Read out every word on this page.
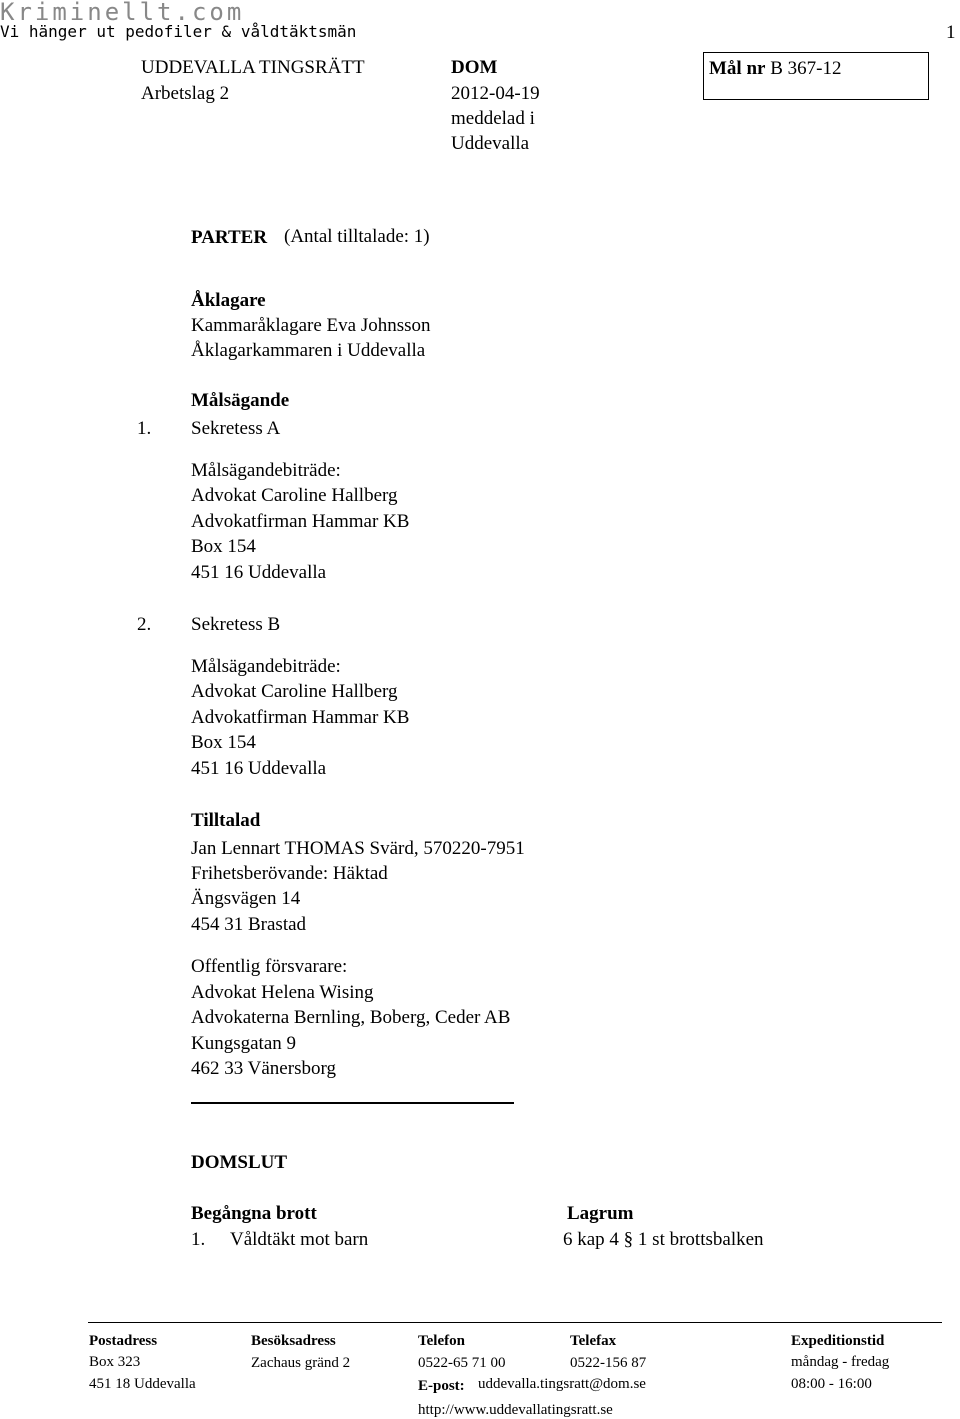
Kriminellt.com
Vi hänger ut pedofiler & våldtäktsmän	1
UDDEVALLA TINGSRÄTT
Arbetslag 2
DOM
2012-04-19
meddelad i
Uddevalla
Mål nr B 367-12
PARTER (Antal tilltalade: 1)
Åklagare
Kammaråklagare Eva Johnsson
Åklagarkammaren i Uddevalla
Målsägande
1. Sekretess A
Målsägandebiträde:
Advokat Caroline Hallberg
Advokatfirman Hammar KB
Box 154
451 16 Uddevalla
2. Sekretess B
Målsägandebiträde:
Advokat Caroline Hallberg
Advokatfirman Hammar KB
Box 154
451 16 Uddevalla
Tilltalad
Jan Lennart THOMAS Svärd, 570220-7951
Frihetsberövande: Häktad
Ängsvägen 14
454 31 Brastad
Offentlig försvarare:
Advokat Helena Wising
Advokaterna Bernling, Boberg, Ceder AB
Kungsgatan 9
462 33 Vänersborg
DOMSLUT
Begångna brott	Lagrum
1. Våldtäkt mot barn	6 kap 4 § 1 st brottsbalken
Postadress
Box 323
451 18 Uddevalla
Besöksadress
Zachaus gränd 2
Telefon
0522-65 71 00
Telefax
0522-156 87
E-post: uddevalla.tingsratt@dom.se
http://www.uddevallatingsratt.se
Expeditionstid
måndag - fredag
08:00 - 16:00
